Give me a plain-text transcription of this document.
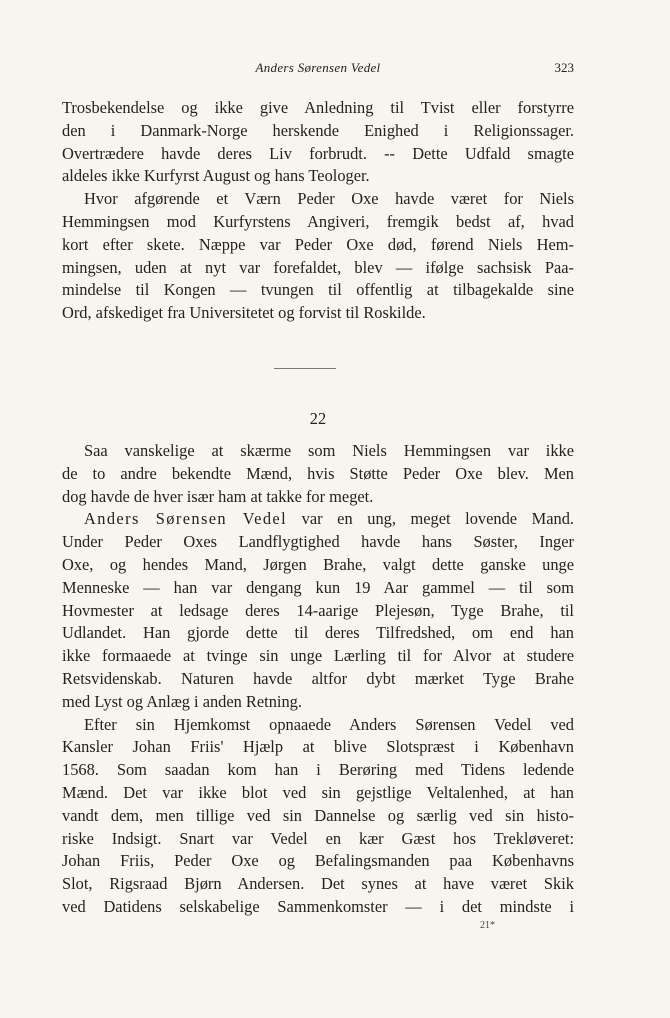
Anders Sørensen Vedel	323
Trosbekendelse og ikke give Anledning til Tvist eller forstyrre
den i Danmark-Norge herskende Enighed i Religionssager.
Overtrædere havde deres Liv forbrudt. -- Dette Udfald smagte
aldeles ikke Kurfyrst August og hans Teologer.
Hvor afgørende et Værn Peder Oxe havde været for Niels
Hemmingsen mod Kurfyrstens Angiveri, fremgik bedst af, hvad
kort efter skete. Næppe var Peder Oxe død, førend Niels Hem-
mingsen, uden at nyt var forefaldet, blev — ifølge sachsisk Paa-
mindelse til Kongen — tvungen til offentlig at tilbagekalde sine
Ord, afskediget fra Universitetet og forvist til Roskilde.
22
Saa vanskelige at skærme som Niels Hemmingsen var ikke
de to andre bekendte Mænd, hvis Støtte Peder Oxe blev. Men
dog havde de hver især ham at takke for meget.
Anders Sørensen Vedel var en ung, meget lovende Mand.
Under Peder Oxes Landflygtighed havde hans Søster, Inger
Oxe, og hendes Mand, Jørgen Brahe, valgt dette ganske unge
Menneske — han var dengang kun 19 Aar gammel — til som
Hovmester at ledsage deres 14-aarige Plejesøn, Tyge Brahe, til
Udlandet. Han gjorde dette til deres Tilfredshed, om end han
ikke formaaede at tvinge sin unge Lærling til for Alvor at studere
Retsvidenskab. Naturen havde altfor dybt mærket Tyge Brahe
med Lyst og Anlæg i anden Retning.
Efter sin Hjemkomst opnaaede Anders Sørensen Vedel ved
Kansler Johan Friis' Hjælp at blive Slotspræst i København
1568. Som saadan kom han i Berøring med Tidens ledende
Mænd. Det var ikke blot ved sin gejstlige Veltalenhed, at han
vandt dem, men tillige ved sin Dannelse og særlig ved sin histo-
riske Indsigt. Snart var Vedel en kær Gæst hos Trekløveret:
Johan Friis, Peder Oxe og Befalingsmanden paa Københavns
Slot, Rigsraad Bjørn Andersen. Det synes at have været Skik
ved Datidens selskabelige Sammenkomster — i det mindste i
21*
